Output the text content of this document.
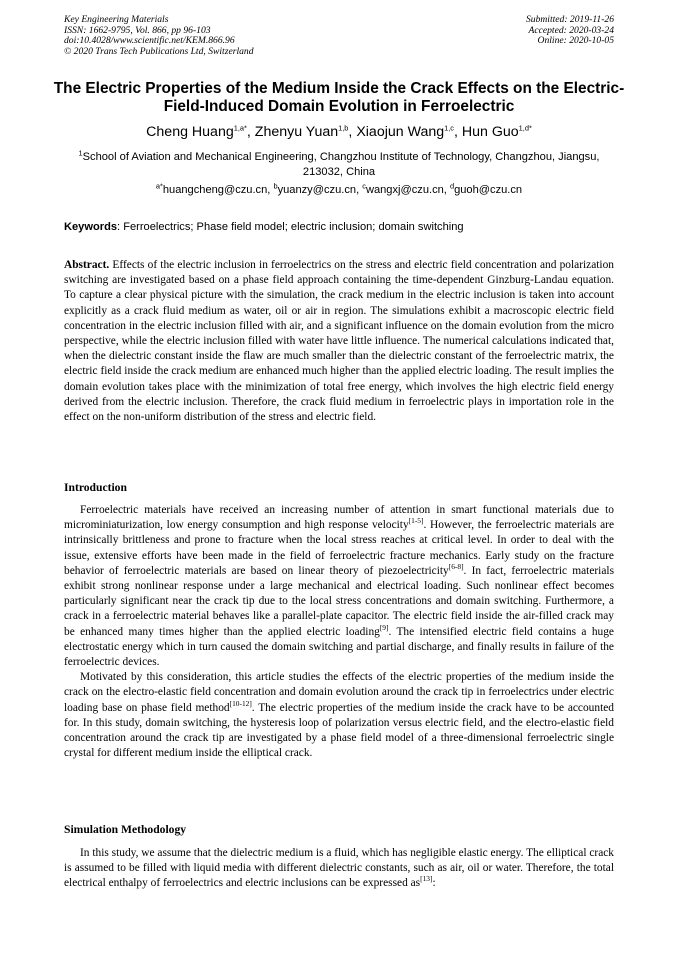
Key Engineering Materials
ISSN: 1662-9795, Vol. 866, pp 96-103
doi:10.4028/www.scientific.net/KEM.866.96
© 2020 Trans Tech Publications Ltd, Switzerland
Submitted: 2019-11-26
Accepted: 2020-03-24
Online: 2020-10-05
The Electric Properties of the Medium Inside the Crack Effects on the Electric-Field-Induced Domain Evolution in Ferroelectric
Cheng Huang$^{1,a*}$, Zhenyu Yuan$^{1,b}$, Xiaojun Wang$^{1,c}$, Hun Guo$^{1,d*}$
$^1$School of Aviation and Mechanical Engineering, Changzhou Institute of Technology, Changzhou, Jiangsu, 213032, China
$^{a*}$huangcheng@czu.cn, $^b$yuanzy@czu.cn, $^c$wangxj@czu.cn, $^d$guoh@czu.cn
Keywords: Ferroelectrics; Phase field model; electric inclusion; domain switching

Abstract. Effects of the electric inclusion in ferroelectrics on the stress and electric field concentration and polarization switching are investigated based on a phase field approach containing the time-dependent Ginzburg-Landau equation. To capture a clear physical picture with the simulation, the crack medium in the electric inclusion is taken into account explicitly as a crack fluid medium as water, oil or air in region. The simulations exhibit a macroscopic electric field concentration in the electric inclusion filled with air, and a significant influence on the domain evolution from the micro perspective, while the electric inclusion filled with water have little influence. The numerical calculations indicated that, when the dielectric constant inside the flaw are much smaller than the dielectric constant of the ferroelectric matrix, the electric field inside the crack medium are enhanced much higher than the applied electric loading. The result implies the domain evolution takes place with the minimization of total free energy, which involves the high electric field energy derived from the electric inclusion. Therefore, the crack fluid medium in ferroelectric plays in importation role in the effect on the non-uniform distribution of the stress and electric field.

Introduction

Ferroelectric materials have received an increasing number of attention in smart functional materials due to microminiaturization, low energy consumption and high response velocity[1-5]. However, the ferroelectric materials are intrinsically brittleness and prone to fracture when the local stress reaches at critical level. In order to deal with the issue, extensive efforts have been made in the field of ferroelectric fracture mechanics. Early study on the fracture behavior of ferroelectric materials are based on linear theory of piezoelectricity[6-8]. In fact, ferroelectric materials exhibit strong nonlinear response under a large mechanical and electrical loading. Such nonlinear effect becomes particularly significant near the crack tip due to the local stress concentrations and domain switching. Furthermore, a crack in a ferroelectric material behaves like a parallel-plate capacitor. The electric field inside the air-filled crack may be enhanced many times higher than the applied electric loading[9]. The intensified electric field contains a huge electrostatic energy which in turn caused the domain switching and partial discharge, and finally results in failure of the ferroelectric devices.

Motivated by this consideration, this article studies the effects of the electric properties of the medium inside the crack on the electro-elastic field concentration and domain evolution around the crack tip in ferroelectrics under electric loading base on phase field method[10-12]. The electric properties of the medium inside the crack have to be accounted for. In this study, domain switching, the hysteresis loop of polarization versus electric field, and the electro-elastic field concentration around the crack tip are investigated by a phase field model of a three-dimensional ferroelectric single crystal for different medium inside the elliptical crack.

Simulation Methodology

In this study, we assume that the dielectric medium is a fluid, which has negligible elastic energy. The elliptical crack is assumed to be filled with liquid media with different dielectric constants, such as air, oil or water. Therefore, the total electrical enthalpy of ferroelectrics and electric inclusions can be expressed as[13]:
